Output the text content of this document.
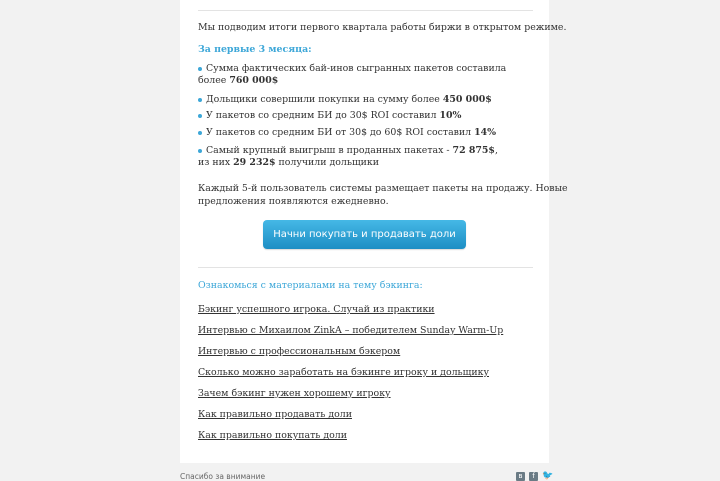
Мы подводим итоги первого квартала работы биржи в открытом режиме.
За первые 3 месяца:
Сумма фактических бай-инов сыгранных пакетов составила
более 760 000$
Дольщики совершили покупки на сумму более 450 000$
У пакетов со средним БИ до 30$ ROI составил 10%
У пакетов со средним БИ от 30$ до 60$ ROI составил 14%
Самый крупный выигрыш в проданных пакетах - 72 875$,
из них 29 232$ получили дольщики
Каждый 5-й пользователь системы размещает пакеты на продажу. Новые
предложения появляются ежедневно.
Начни покупать и продавать доли
Ознакомься с материалами на тему бэкинга:
Бэкинг успешного игрока. Случай из практики
Интервью с Михаилом ZinkA – победителем Sunday Warm-Up
Интервью с профессиональным бэкером
Сколько можно заработать на бэкинге игроку и дольщику
Зачем бэкинг нужен хорошему игроку
Как правильно продавать доли
Как правильно покупать доли
Спасибо за внимание	в	f 🐦
